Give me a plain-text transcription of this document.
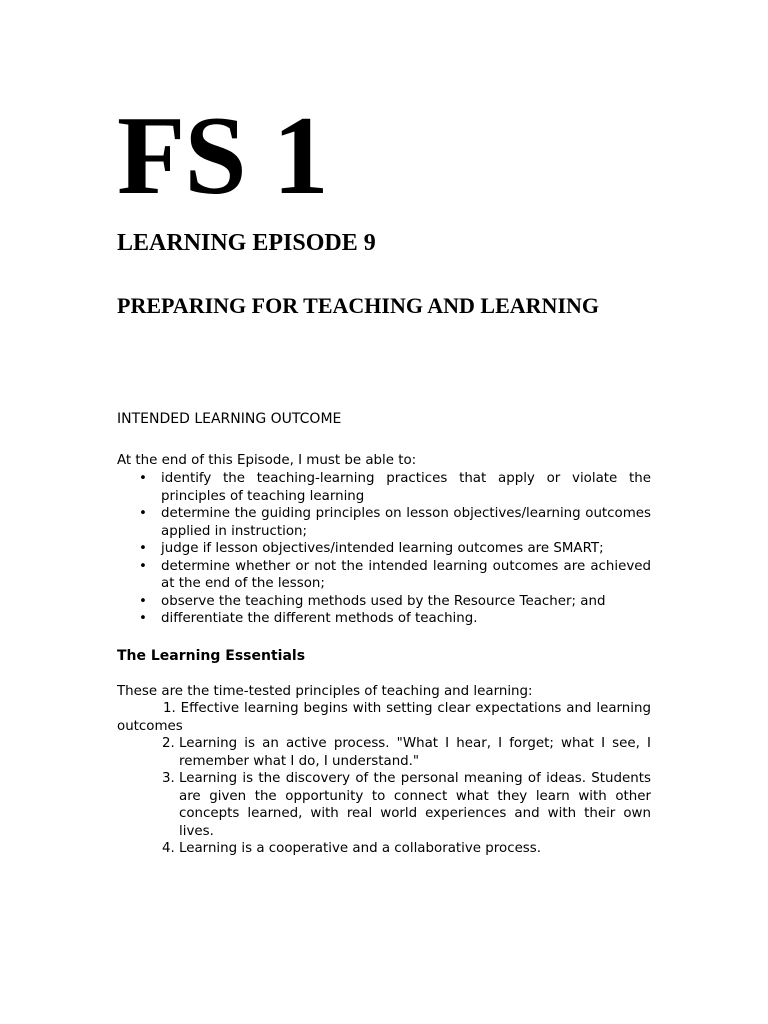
FS 1
LEARNING EPISODE 9
PREPARING FOR TEACHING AND LEARNING
INTENDED LEARNING OUTCOME

At the end of this Episode, I must be able to:

• identify the teaching-learning practices that apply or violate the principles of teaching learning
• determine the guiding principles on lesson objectives/learning outcomes applied in instruction;
• judge if lesson objectives/intended learning outcomes are SMART;
• determine whether or not the intended learning outcomes are achieved at the end of the lesson;
• observe the teaching methods used by the Resource Teacher; and
• differentiate the different methods of teaching.
The Learning Essentials

These are the time-tested principles of teaching and learning:

1. Effective learning begins with setting clear expectations and learning outcomes
2. Learning is an active process. "What I hear, I forget; what I see, I remember what I do, I understand."
3. Learning is the discovery of the personal meaning of ideas. Students are given the opportunity to connect what they learn with other concepts learned, with real world experiences and with their own lives.
4. Learning is a cooperative and a collaborative process.
